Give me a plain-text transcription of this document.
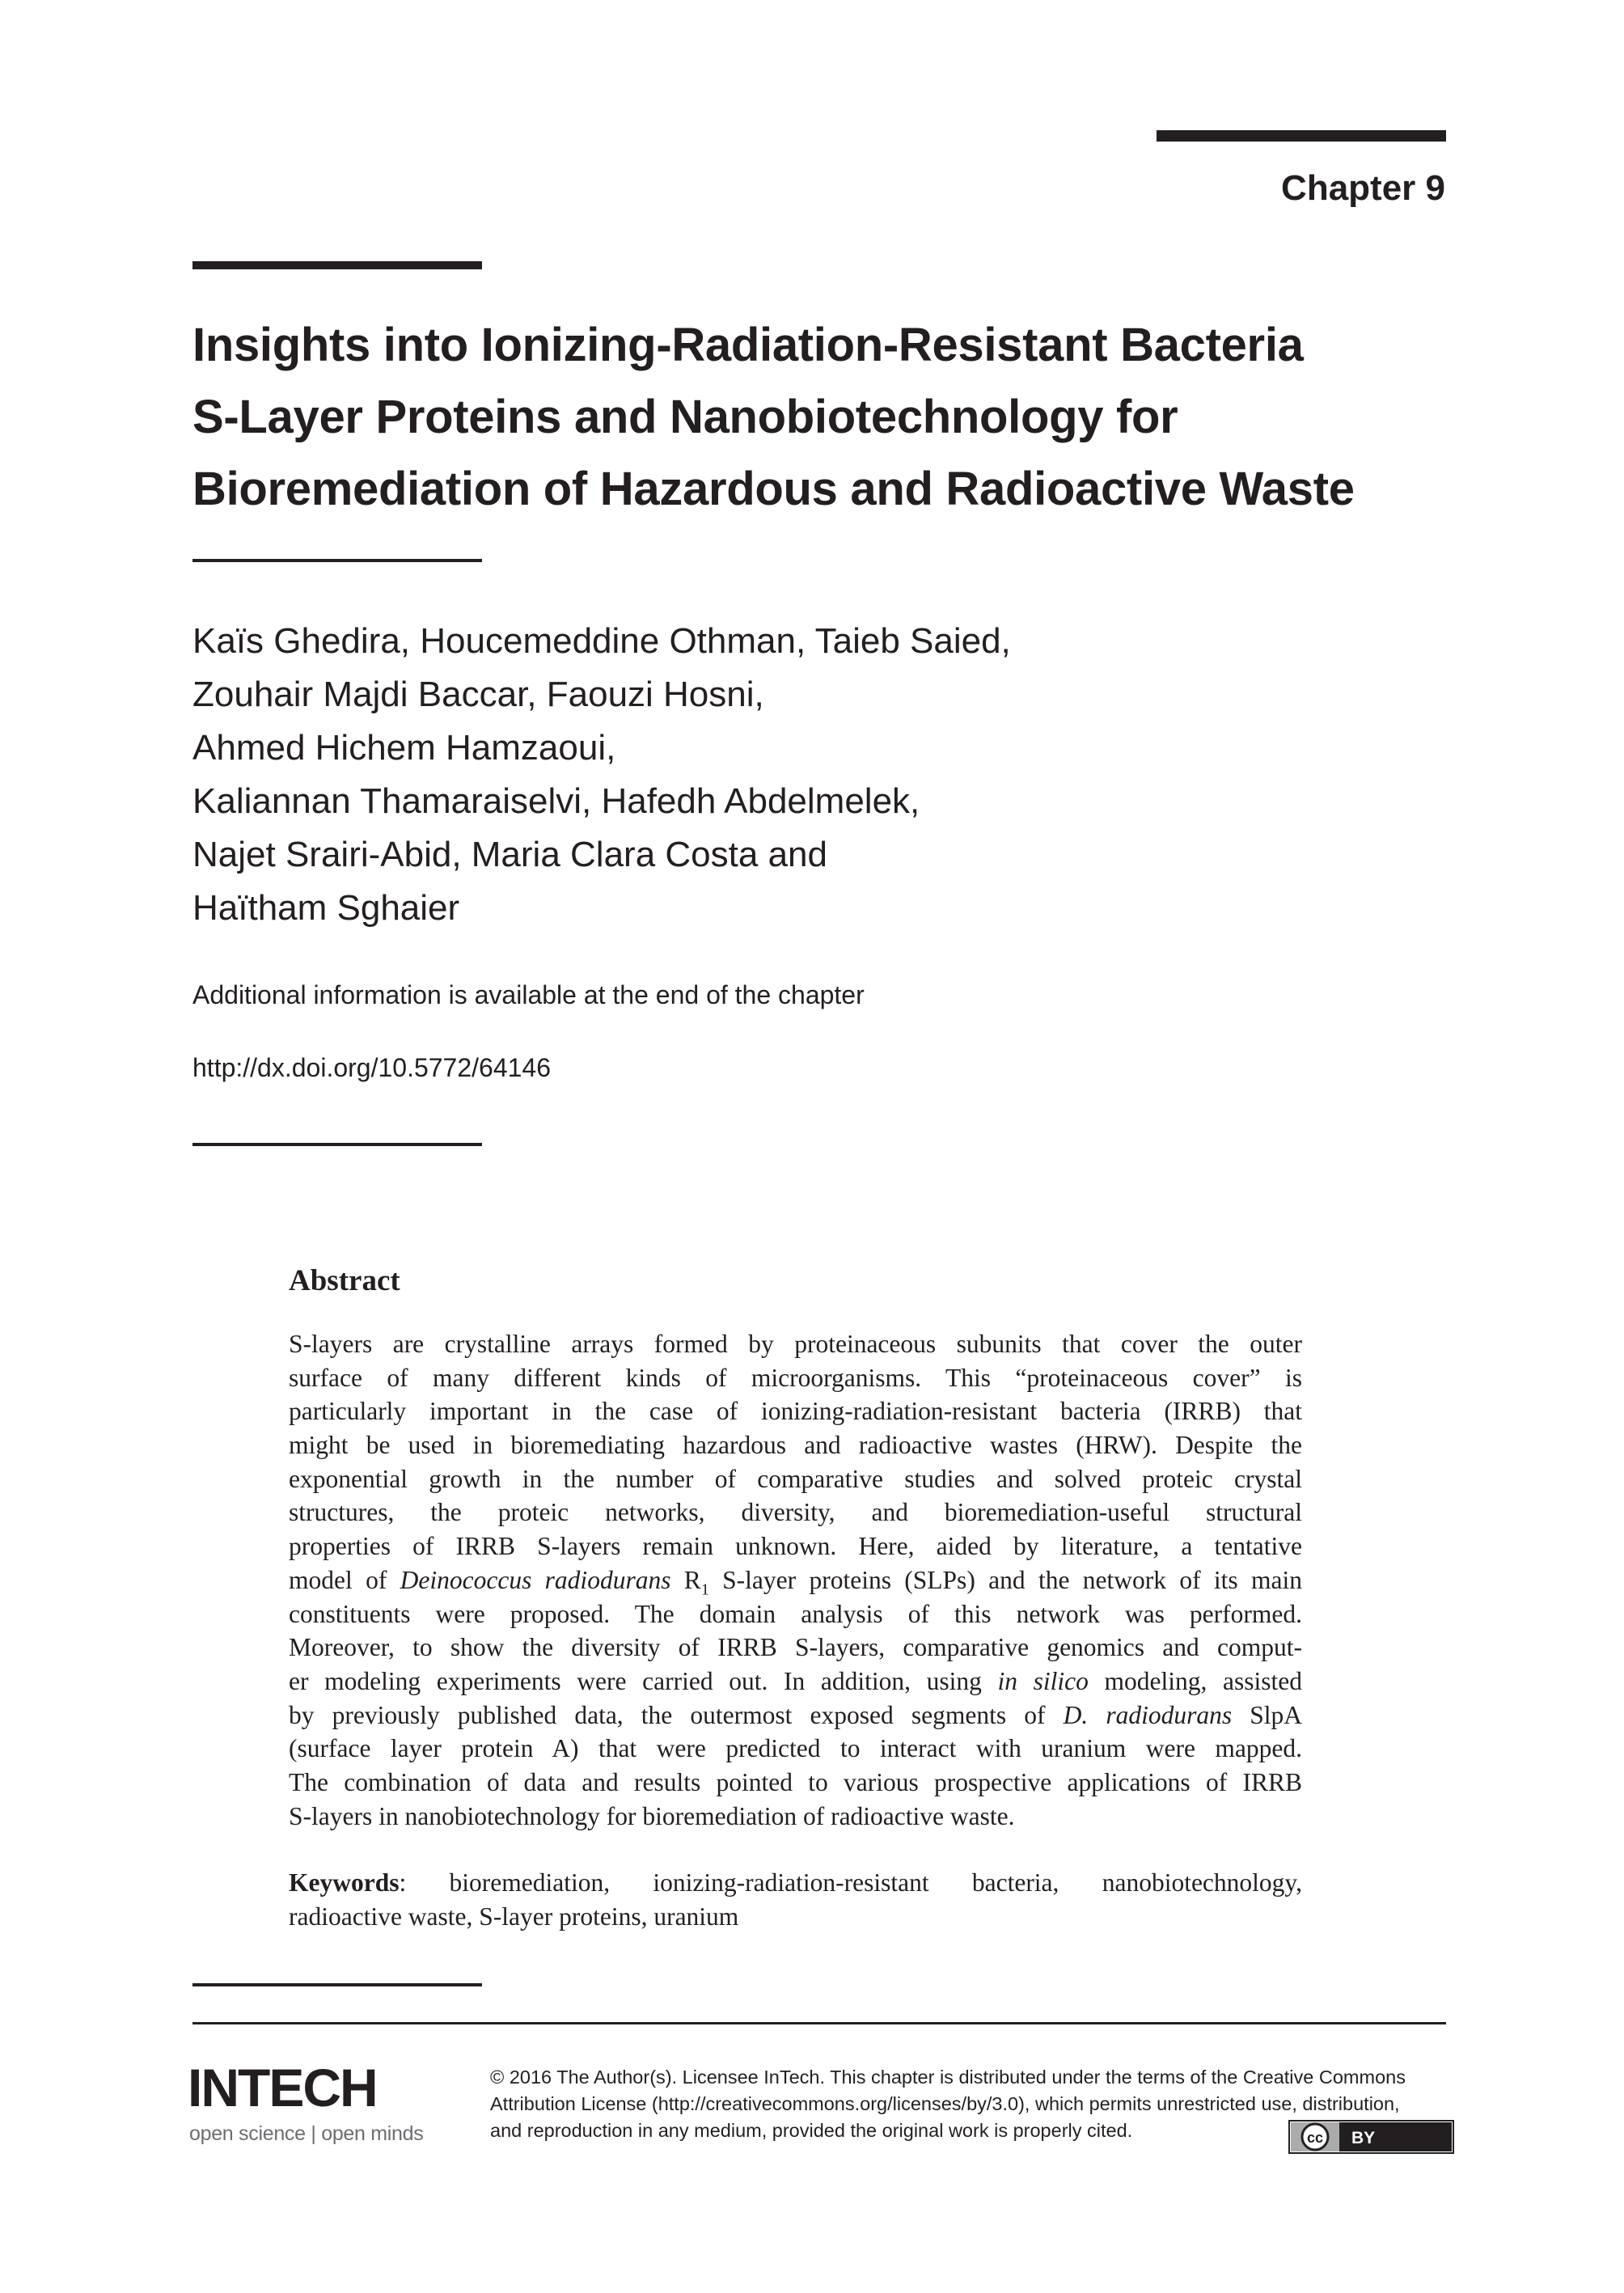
Chapter 9
Insights into Ionizing-Radiation-Resistant Bacteria
S-Layer Proteins and Nanobiotechnology for
Bioremediation of Hazardous and Radioactive Waste
Kaïs Ghedira, Houcemeddine Othman, Taieb Saied,
Zouhair Majdi Baccar, Faouzi Hosni,
Ahmed Hichem Hamzaoui,
Kaliannan Thamaraiselvi, Hafedh Abdelmelek,
Najet Srairi-Abid, Maria Clara Costa and
Haïtham Sghaier
Additional information is available at the end of the chapter
http://dx.doi.org/10.5772/64146
Abstract
S-layers are crystalline arrays formed by proteinaceous subunits that cover the outer
surface of many different kinds of microorganisms. This “proteinaceous cover” is
particularly important in the case of ionizing-radiation-resistant bacteria (IRRB) that
might be used in bioremediating hazardous and radioactive wastes (HRW). Despite the
exponential growth in the number of comparative studies and solved proteic crystal
structures, the proteic networks, diversity, and bioremediation-useful structural
properties of IRRB S-layers remain unknown. Here, aided by literature, a tentative
model of Deinococcus radiodurans $R_1$ S-layer proteins (SLPs) and the network of its main
constituents were proposed. The domain analysis of this network was performed.
Moreover, to show the diversity of IRRB S-layers, comparative genomics and comput-
er modeling experiments were carried out. In addition, using in silico modeling, assisted
by previously published data, the outermost exposed segments of D. radiodurans SlpA
(surface layer protein A) that were predicted to interact with uranium were mapped.
The combination of data and results pointed to various prospective applications of IRRB
S-layers in nanobiotechnology for bioremediation of radioactive waste.
Keywords: bioremediation, ionizing-radiation-resistant bacteria, nanobiotechnology,
radioactive waste, S-layer proteins, uranium
INTECH
open science | open minds
© 2016 The Author(s). Licensee InTech. This chapter is distributed under the terms of the Creative Commons
Attribution License (http://creativecommons.org/licenses/by/3.0), which permits unrestricted use, distribution,
and reproduction in any medium, provided the original work is properly cited.	cc BY
